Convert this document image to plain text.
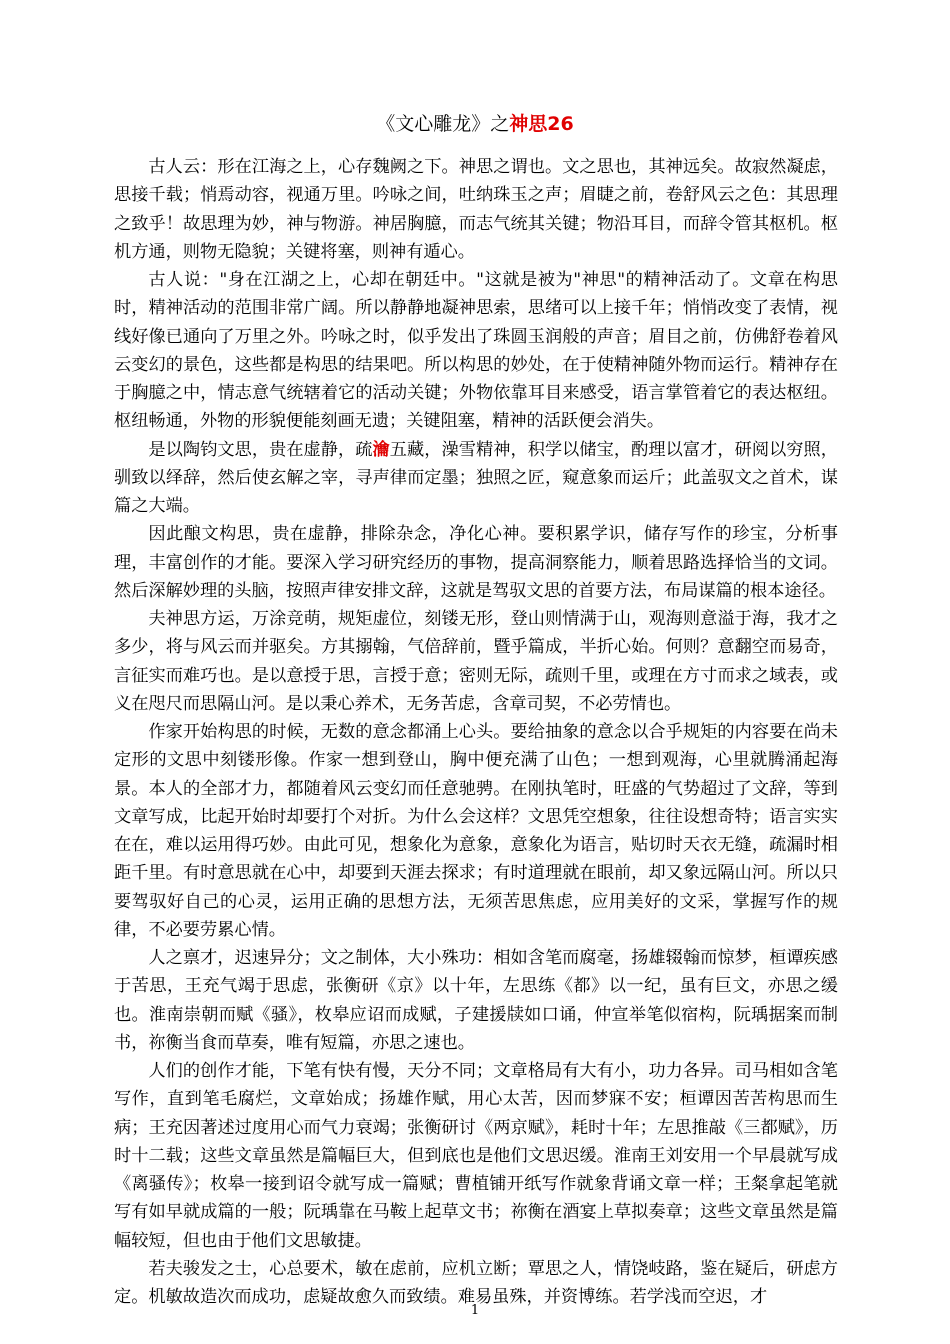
《文心雕龙》之神思26

古人云：形在江海之上，心存魏阙之下。神思之谓也。文之思也，其神远矣。故寂然凝虑，思接千载；悄焉动容，视通万里。吟咏之间，吐纳珠玉之声；眉睫之前，卷舒风云之色：其思理之致乎！故思理为妙，神与物游。神居胸臆，而志气统其关键；物沿耳目，而辞令管其枢机。枢机方通，则物无隐貌；关键将塞，则神有遁心。

古人说："身在江湖之上，心却在朝廷中。"这就是被为"神思"的精神活动了。文章在构思时，精神活动的范围非常广阔。所以静静地凝神思索，思绪可以上接千年；悄悄改变了表情，视线好像已通向了万里之外。吟咏之时，似乎发出了珠圆玉润般的声音；眉目之前，仿佛舒卷着风云变幻的景色，这些都是构思的结果吧。所以构思的妙处，在于使精神随外物而运行。精神存在于胸臆之中，情志意气统辖着它的活动关键；外物依靠耳目来感受，语言掌管着它的表达枢纽。枢纽畅通，外物的形貌便能刻画无遗；关键阻塞，精神的活跃便会消失。

是以陶钧文思，贵在虚静，疏瀹五藏，澡雪精神，积学以储宝，酌理以富才，研阅以穷照，驯致以绎辞，然后使玄解之宰，寻声律而定墨；独照之匠，窥意象而运斤；此盖驭文之首术，谋篇之大端。

因此酿文构思，贵在虚静，排除杂念，净化心神。要积累学识，储存写作的珍宝，分析事理，丰富创作的才能。要深入学习研究经历的事物，提高洞察能力，顺着思路选择恰当的文词。然后深解妙理的头脑，按照声律安排文辞，这就是驾驭文思的首要方法，布局谋篇的根本途径。

夫神思方运，万涂竞萌，规矩虚位，刻镂无形，登山则情满于山，观海则意溢于海，我才之多少，将与风云而并驱矣。方其搦翰，气倍辞前，暨乎篇成，半折心始。何则？意翻空而易奇，言征实而难巧也。是以意授于思，言授于意；密则无际，疏则千里，或理在方寸而求之域表，或义在咫尺而思隔山河。是以秉心养术，无务苦虑，含章司契，不必劳情也。

作家开始构思的时候，无数的意念都涌上心头。要给抽象的意念以合乎规矩的内容要在尚未定形的文思中刻镂形像。作家一想到登山，胸中便充满了山色；一想到观海，心里就腾涌起海景。本人的全部才力，都随着风云变幻而任意驰骋。在刚执笔时，旺盛的气势超过了文辞，等到文章写成，比起开始时却要打个对折。为什么会这样？文思凭空想象，往往设想奇特；语言实实在在，难以运用得巧妙。由此可见，想象化为意象，意象化为语言，贴切时天衣无缝，疏漏时相距千里。有时意思就在心中，却要到天涯去探求；有时道理就在眼前，却又象远隔山河。所以只要驾驭好自己的心灵，运用正确的思想方法，无须苦思焦虑，应用美好的文采，掌握写作的规律，不必要劳累心情。

人之禀才，迟速异分；文之制体，大小殊功：相如含笔而腐毫，扬雄辍翰而惊梦，桓谭疾感于苦思，王充气竭于思虑，张衡研《京》以十年，左思练《都》以一纪，虽有巨文，亦思之缓也。淮南崇朝而赋《骚》，枚皋应诏而成赋，子建援牍如口诵，仲宣举笔似宿构，阮瑀据案而制书，祢衡当食而草奏，唯有短篇，亦思之速也。

人们的创作才能，下笔有快有慢，天分不同；文章格局有大有小，功力各异。司马相如含笔写作，直到笔毛腐烂，文章始成；扬雄作赋，用心太苦，因而梦寐不安；桓谭因苦苦构思而生病；王充因著述过度用心而气力衰竭；张衡研讨《两京赋》，耗时十年；左思推敲《三都赋》，历时十二载；这些文章虽然是篇幅巨大，但到底也是他们文思迟缓。淮南王刘安用一个早晨就写成《离骚传》；枚皋一接到诏令就写成一篇赋；曹植铺开纸写作就象背诵文章一样；王粲拿起笔就写有如早就成篇的一般；阮瑀靠在马鞍上起草文书；祢衡在酒宴上草拟奏章；这些文章虽然是篇幅较短，但也由于他们文思敏捷。

若夫骏发之士，心总要术，敏在虑前，应机立断；覃思之人，情饶岐路，鉴在疑后，研虑方定。机敏故造次而成功，虑疑故愈久而致绩。难易虽殊，并资博练。若学浅而空迟，才

1
